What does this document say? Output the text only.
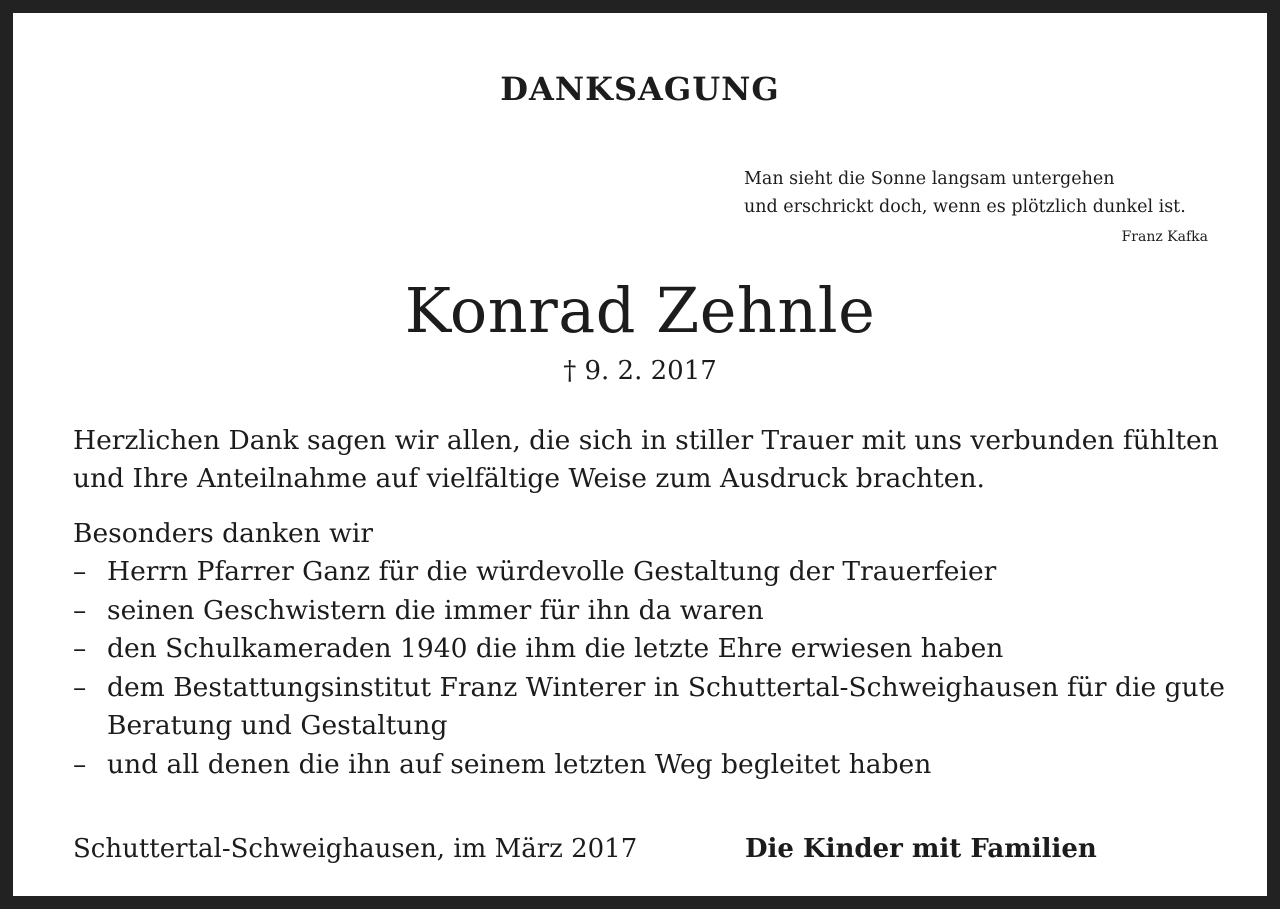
DANKSAGUNG
Man sieht die Sonne langsam untergehen
und erschrickt doch, wenn es plötzlich dunkel ist.
Franz Kafka
Konrad Zehnle
† 9. 2. 2017
Herzlichen Dank sagen wir allen, die sich in stiller Trauer mit uns verbunden fühlten und Ihre Anteilnahme auf vielfältige Weise zum Ausdruck brachten.
Besonders danken wir
– Herrn Pfarrer Ganz für die würdevolle Gestaltung der Trauerfeier
– seinen Geschwistern die immer für ihn da waren
– den Schulkameraden 1940 die ihm die letzte Ehre erwiesen haben
– dem Bestattungsinstitut Franz Winterer in Schuttertal-Schweighausen für die gute Beratung und Gestaltung
– und all denen die ihn auf seinem letzten Weg begleitet haben
Schuttertal-Schweighausen, im März 2017	Die Kinder mit Familien
